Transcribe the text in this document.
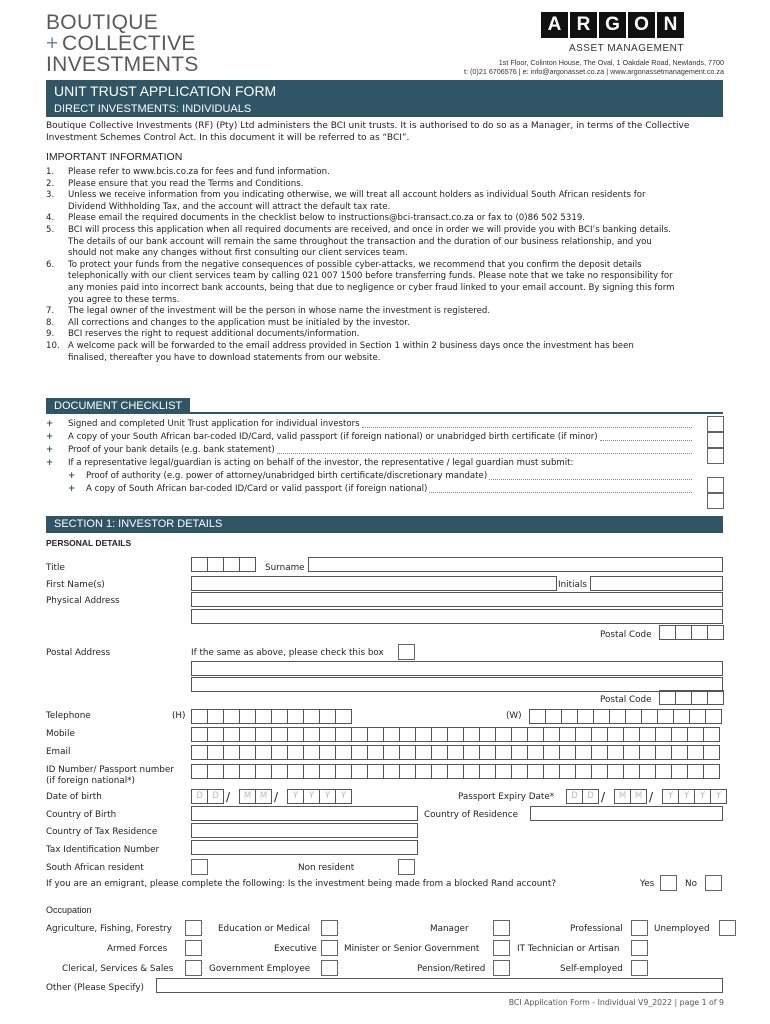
BOUTIQUE
+ COLLECTIVE
INVESTMENTS
A R G O N
ASSET MANAGEMENT
1st Floor, Colinton House, The Oval, 1 Oakdale Road, Newlands, 7700
t: (0)21 6706576 | e: info@argonasset.co.za | www.argonassetmanagement.co.za
UNIT TRUST APPLICATION FORM
DIRECT INVESTMENTS: INDIVIDUALS

Boutique Collective Investments (RF) (Pty) Ltd administers the BCI unit trusts. It is authorised to do so as a Manager, in terms of the Collective

Investment Schemes Control Act. In this document it will be referred to as “BCI”.

IMPORTANT INFORMATION
1.	Please refer to www.bcis.co.za for fees and fund information.
2.	Please ensure that you read the Terms and Conditions.
3.	Unless we receive information from you indicating otherwise, we will treat all account holders as individual South African residents for
Dividend Withholding Tax, and the account will attract the default tax rate.
4.	Please email the required documents in the checklist below to instructions@bci-transact.co.za or fax to (0)86 502 5319.
5.	BCI will process this application when all required documents are received, and once in order we will provide you with BCI’s banking details.
The details of our bank account will remain the same throughout the transaction and the duration of our business relationship, and you
should not make any changes without first consulting our client services team.
6.	To protect your funds from the negative consequences of possible cyber-attacks, we recommend that you confirm the deposit details
telephonically with our client services team by calling 021 007 1500 before transferring funds. Please note that we take no responsibility for
any monies paid into incorrect bank accounts, being that due to negligence or cyber fraud linked to your email account. By signing this form
you agree to these terms.
7.	The legal owner of the investment will be the person in whose name the investment is registered.
8.	All corrections and changes to the application must be initialed by the investor.
9.	BCI reserves the right to request additional documents/information.
10. A welcome pack will be forwarded to the email address provided in Section 1 within 2 business days once the investment has been
finalised, thereafter you have to download statements from our website.
DOCUMENT CHECKLIST
+	Signed and completed Unit Trust application for individual investors
+	A copy of your South African bar-coded ID/Card, valid passport (if foreign national) or unabridged birth certificate (if minor)
+	Proof of your bank details (e.g. bank statement)
+	If a representative legal/guardian is acting on behalf of the investor, the representative / legal guardian must submit:
+	Proof of authority (e.g. power of attorney/unabridged birth certificate/discretionary mandate)
+	A copy of South African bar-coded ID/Card or valid passport (if foreign national)
SECTION 1: INVESTOR DETAILS
PERSONAL DETAILS
Title	Surname
First Name(s)	Initials
Physical Address
Postal Code
Postal Address	If the same as above, please check this box
Postal Code
Telephone	(H)	(W)
Mobile
Email
ID Number/ Passport number
(if foreign national*)
Date of birth	D	D /	M	M /	Y	Y	Y	Y	Passport Expiry Date*	D	D /	M	M /	Y	Y	Y	Y
Country of Birth	Country of Residence
Country of Tax Residence
Tax Identification Number
South African resident	Non resident
If you are an emigrant, please complete the following: Is the investment being made from a blocked Rand account?	Yes	No
Occupation
Agriculture, Fishing, Forestry	Education or Medical	Manager	Professional	Unemployed
Armed Forces	Executive	Minister or Senior Government	IT Technician or Artisan
Clerical, Services & Sales	Government Employee	Pension/Retired	Self-employed
Other (Please Specify)
BCI Application Form - Individual V9_2022 | page 1 of 9
